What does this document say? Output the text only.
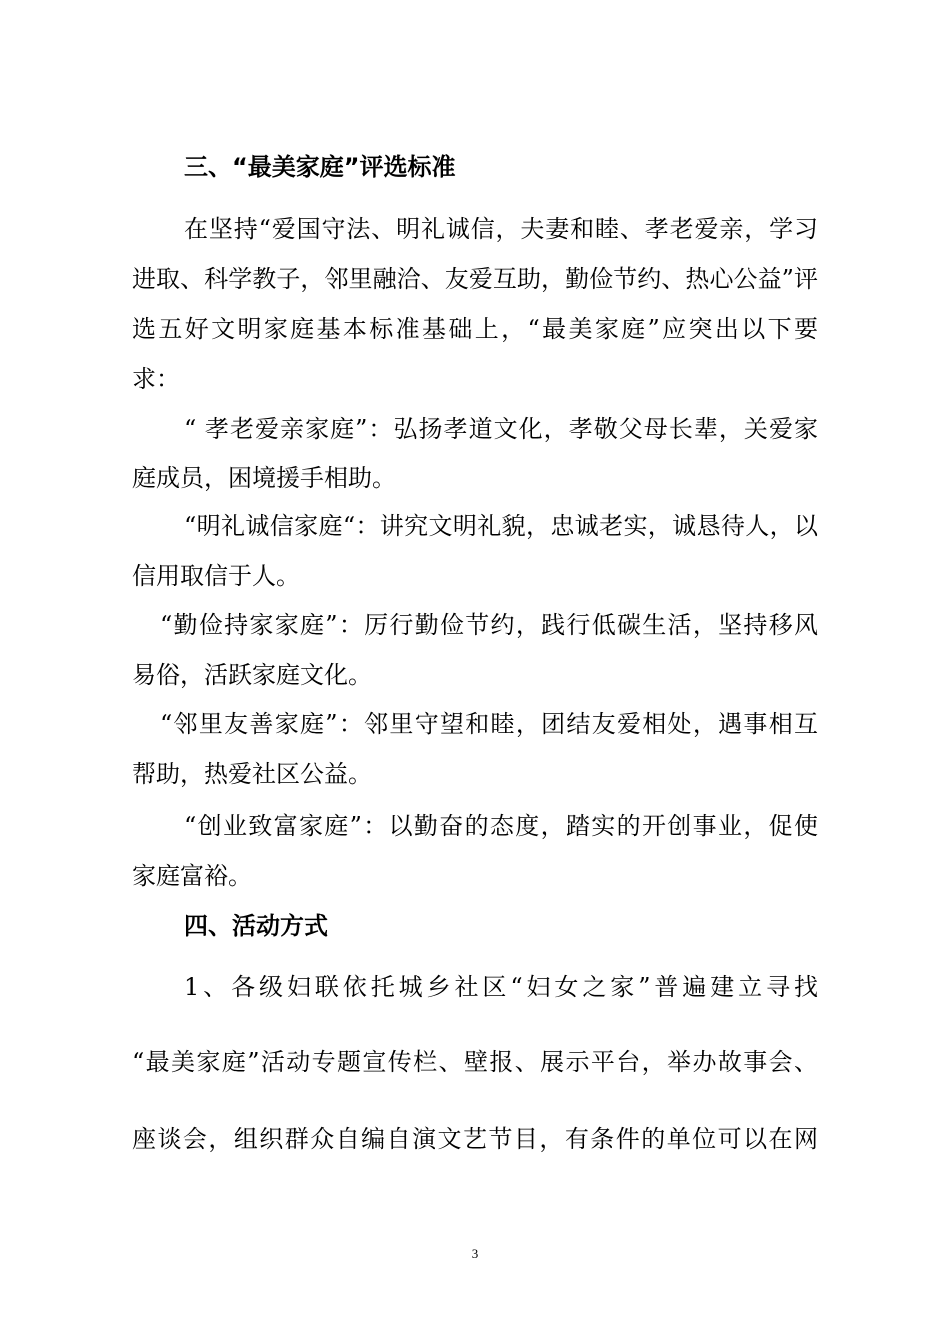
三、“最美家庭”评选标准
在坚持“爱国守法、明礼诚信，夫妻和睦、孝老爱亲，学习
进取、科学教子，邻里融洽、友爱互助，勤俭节约、热心公益”评
选五好文明家庭基本标准基础上，“最美家庭”应突出以下要
求：
“ 孝老爱亲家庭”：弘扬孝道文化，孝敬父母长辈，关爱家
庭成员，困境援手相助。
“明礼诚信家庭“：讲究文明礼貌，忠诚老实，诚恳待人，以
信用取信于人。
“勤俭持家家庭”：厉行勤俭节约，践行低碳生活，坚持移风
易俗，活跃家庭文化。
“邻里友善家庭”：邻里守望和睦，团结友爱相处，遇事相互
帮助，热爱社区公益。
“创业致富家庭”：以勤奋的态度，踏实的开创事业，促使
家庭富裕。
四、活动方式
1、各级妇联依托城乡社区“妇女之家”普遍建立寻找
“最美家庭”活动专题宣传栏、壁报、展示平台，举办故事会、
座谈会，组织群众自编自演文艺节目，有条件的单位可以在网
3
